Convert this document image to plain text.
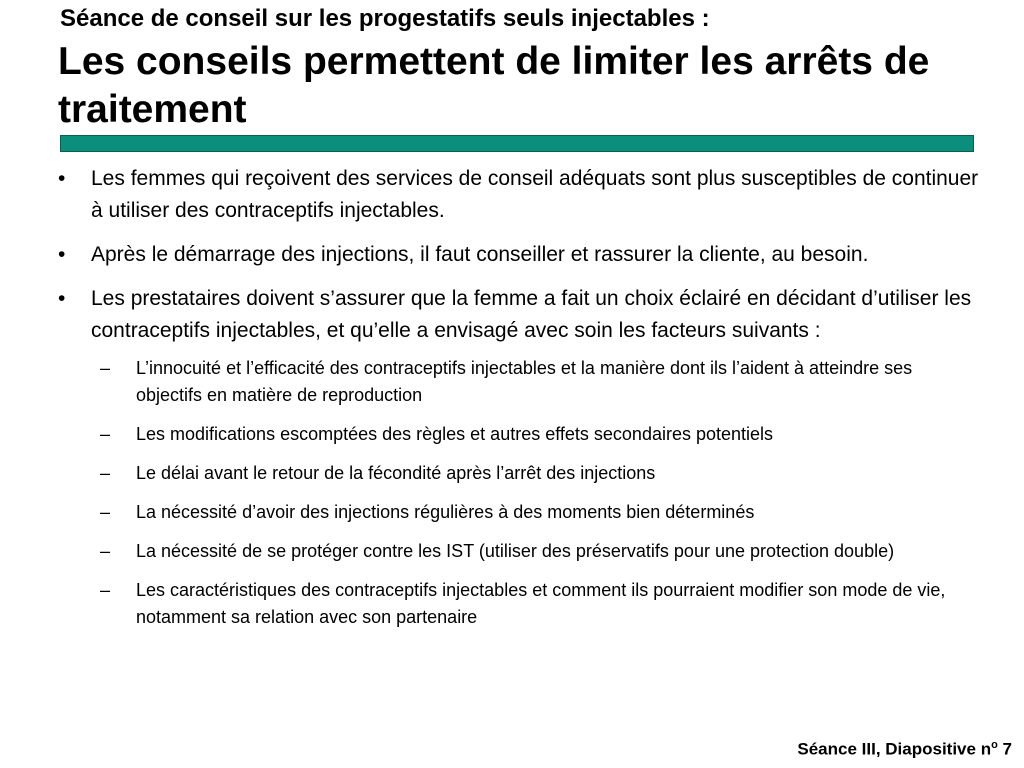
Séance de conseil sur les progestatifs seuls injectables :
Les conseils permettent de limiter les arrêts de traitement
•	Les femmes qui reçoivent des services de conseil adéquats sont plus susceptibles de continuer à utiliser des contraceptifs injectables.
•	Après le démarrage des injections, il faut conseiller et rassurer la cliente, au besoin.
•	Les prestataires doivent s’assurer que la femme a fait un choix éclairé en décidant d’utiliser les contraceptifs injectables, et qu’elle a envisagé avec soin les facteurs suivants :
–	L’innocuité et l’efficacité des contraceptifs injectables et la manière dont ils l’aident à atteindre ses objectifs en matière de reproduction
–	Les modifications escomptées des règles et autres effets secondaires potentiels
–	Le délai avant le retour de la fécondité après l’arrêt des injections
–	La nécessité d’avoir des injections régulières à des moments bien déterminés
–	La nécessité de se protéger contre les IST (utiliser des préservatifs pour une protection double)
–	Les caractéristiques des contraceptifs injectables et comment ils pourraient modifier son mode de vie, notamment sa relation avec son partenaire
Séance III, Diapositive $n^o$ 7
